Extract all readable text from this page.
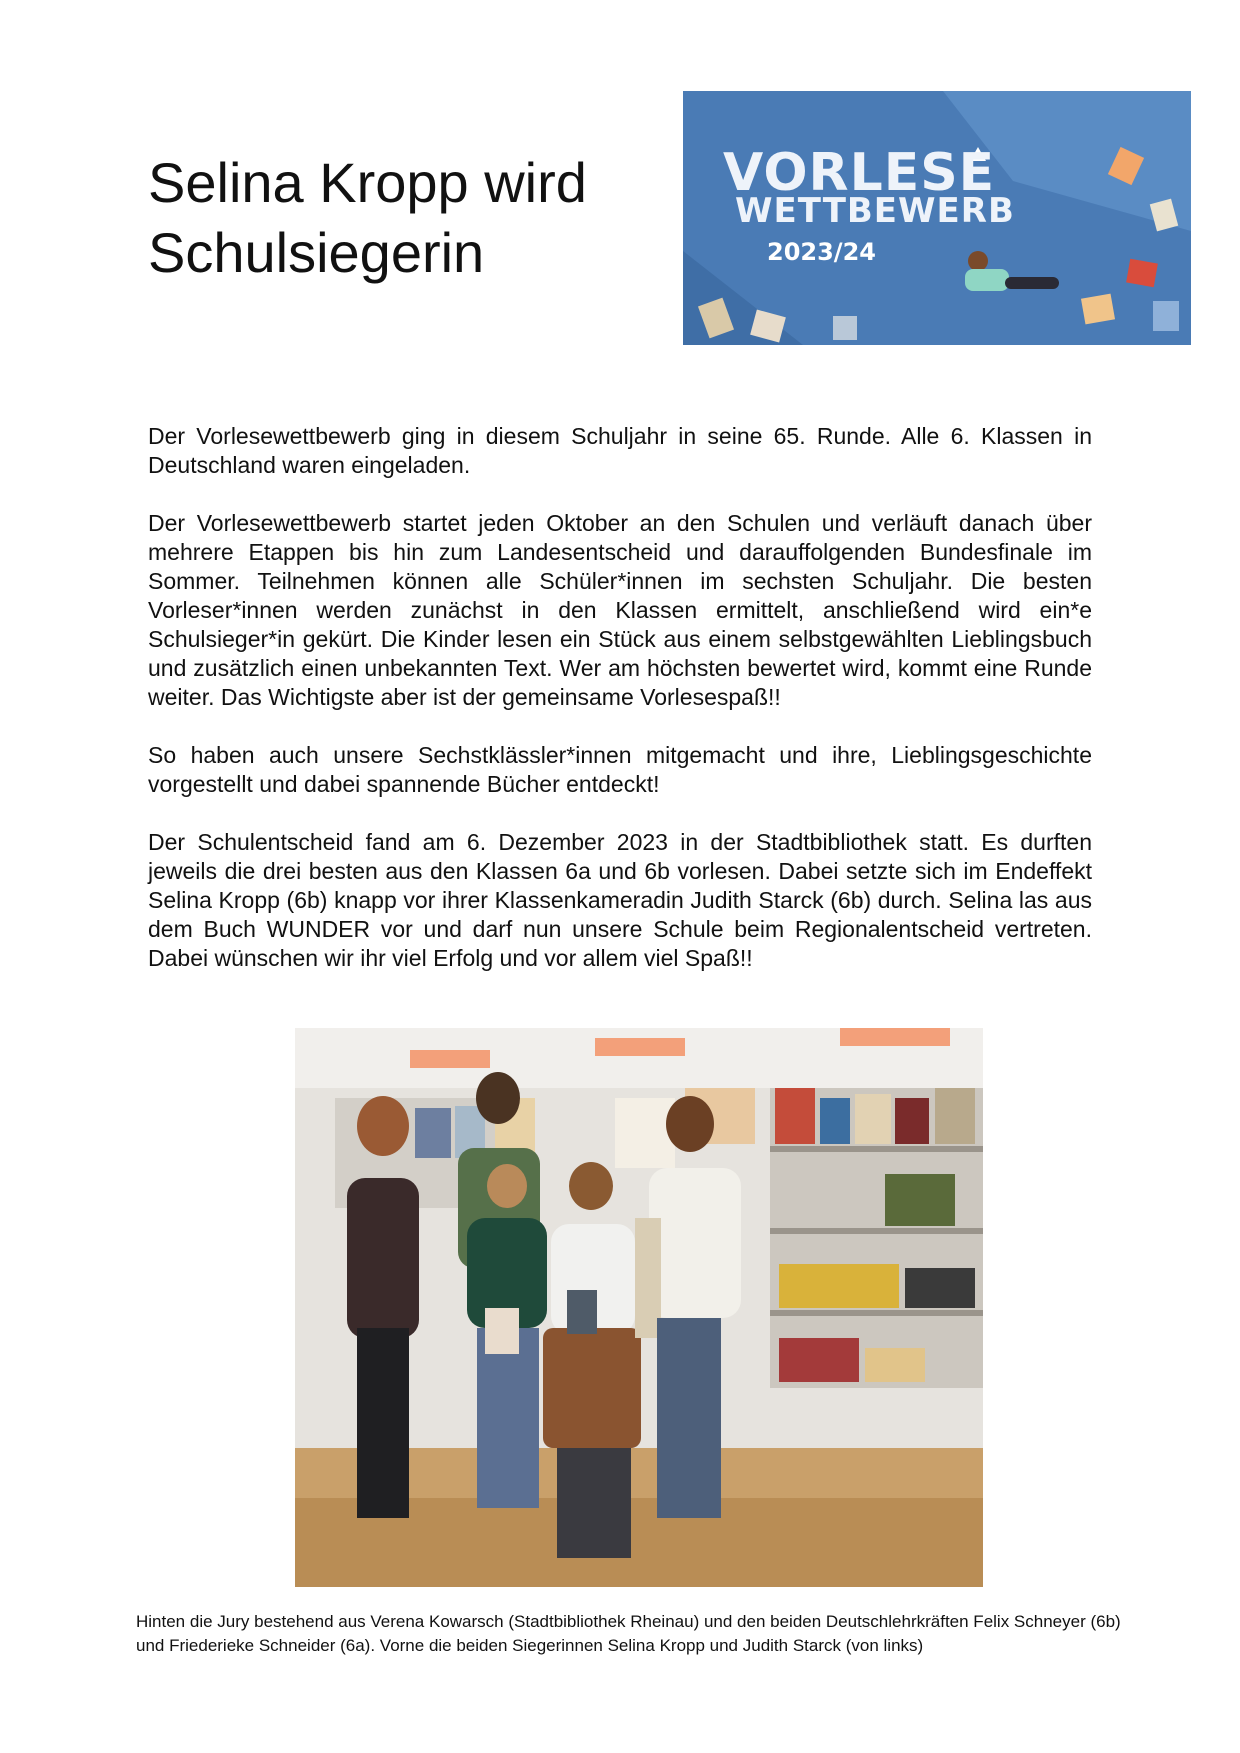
Selina Kropp wird
Schulsiegerin
VORLESE
WETTBEWERB
2023/24

Der Vorlesewettbewerb ging in diesem Schuljahr in seine 65. Runde. Alle 6. Klassen in Deutschland waren eingeladen.

Der Vorlesewettbewerb startet jeden Oktober an den Schulen und verläuft danach über mehrere Etappen bis hin zum Landesentscheid und darauffolgenden Bundesfinale im Sommer. Teilnehmen können alle Schüler*innen im sechsten Schuljahr. Die besten Vorleser*innen werden zunächst in den Klassen ermittelt, anschließend wird ein*e Schulsieger*in gekürt. Die Kinder lesen ein Stück aus einem selbstgewählten Lieblingsbuch und zusätzlich einen unbekannten Text. Wer am höchsten bewertet wird, kommt eine Runde weiter. Das Wichtigste aber ist der gemeinsame Vorlesespaß!!

So haben auch unsere Sechstklässler*innen mitgemacht und ihre, Lieblingsgeschichte vorgestellt und dabei spannende Bücher entdeckt!

Der Schulentscheid fand am 6. Dezember 2023 in der Stadtbibliothek statt. Es durften jeweils die drei besten aus den Klassen 6a und 6b vorlesen. Dabei setzte sich im Endeffekt Selina Kropp (6b) knapp vor ihrer Klassenkameradin Judith Starck (6b) durch. Selina las aus dem Buch WUNDER vor und darf nun unsere Schule beim Regionalentscheid vertreten. Dabei wünschen wir ihr viel Erfolg und vor allem viel Spaß!!

Hinten die Jury bestehend aus Verena Kowarsch (Stadtbibliothek Rheinau) und den beiden Deutschlehrkräften Felix Schneyer (6b) und Friederieke Schneider (6a). Vorne die beiden Siegerinnen Selina Kropp und Judith Starck (von links)
